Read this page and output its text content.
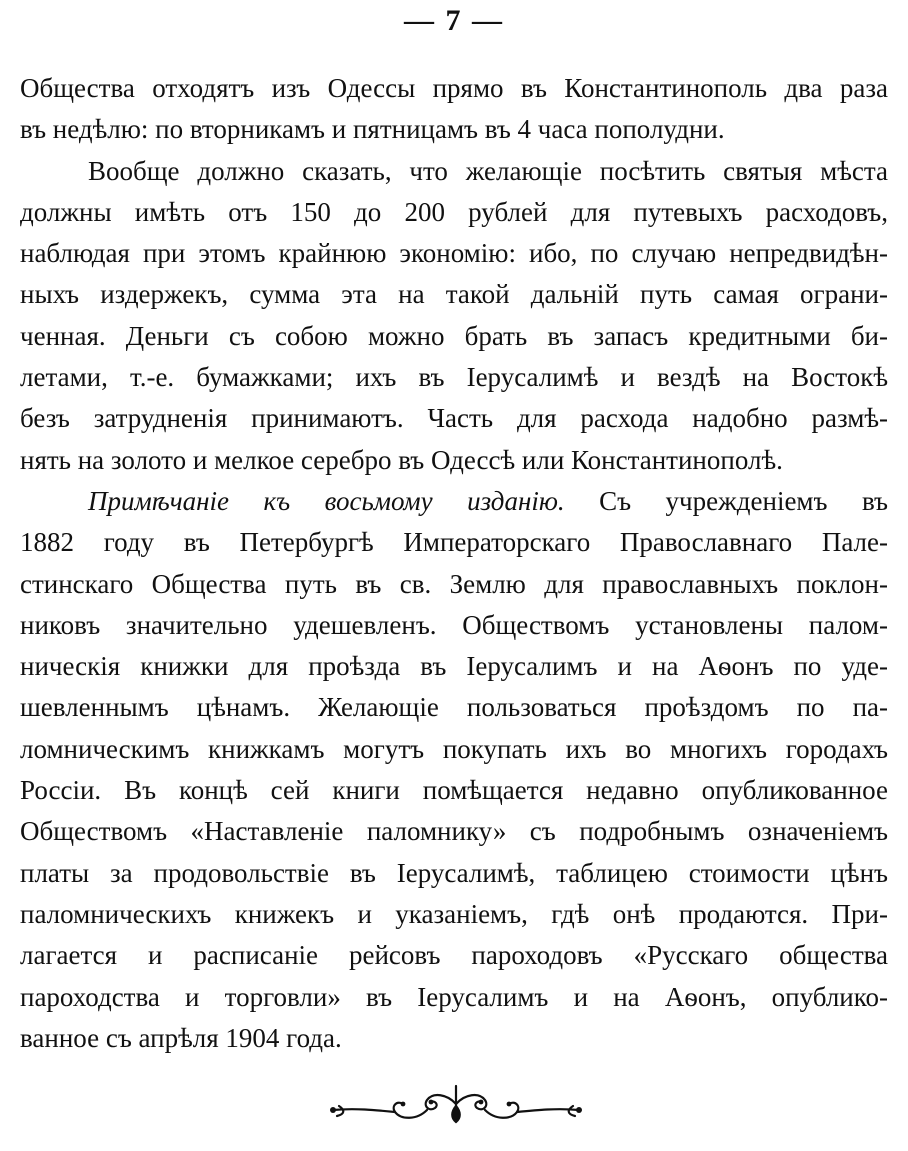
— 7 —
Общества отходятъ изъ Одессы прямо въ Константинополь два раза
въ недѣлю: по вторникамъ и пятницамъ въ 4 часа пополудни.
Вообще должно сказать, что желающіе посѣтить святыя мѣста
должны имѣть отъ 150 до 200 рублей для путевыхъ расходовъ,
наблюдая при этомъ крайнюю экономію: ибо, по случаю непредвидѣн-
ныхъ издержекъ, сумма эта на такой дальній путь самая ограни-
ченная. Деньги съ собою можно брать въ запасъ кредитными би-
летами, т.-е. бумажками; ихъ въ Іерусалимѣ и вездѣ на Востокѣ
безъ затрудненія принимаютъ. Часть для расхода надобно размѣ-
нять на золото и мелкое серебро въ Одессѣ или Константинополѣ.
Примѣчаніе къ восьмому изданію. Съ учрежденіемъ въ
1882 году въ Петербургѣ Императорскаго Православнаго Пале-
стинскаго Общества путь въ св. Землю для православныхъ поклон-
никовъ значительно удешевленъ. Обществомъ установлены палом-
ническія книжки для проѣзда въ Іерусалимъ и на Аѳонъ по уде-
шевленнымъ цѣнамъ. Желающіе пользоваться проѣздомъ по па-
ломническимъ книжкамъ могутъ покупать ихъ во многихъ городахъ
Россіи. Въ концѣ сей книги помѣщается недавно опубликованное
Обществомъ «Наставленіе паломнику» съ подробнымъ означеніемъ
платы за продовольствіе въ Іерусалимѣ, таблицею стоимости цѣнъ
паломническихъ книжекъ и указаніемъ, гдѣ онѣ продаются. При-
лагается и расписаніе рейсовъ пароходовъ «Русскаго общества
пароходства и торговли» въ Іерусалимъ и на Аѳонъ, опублико-
ванное съ апрѣля 1904 года.
